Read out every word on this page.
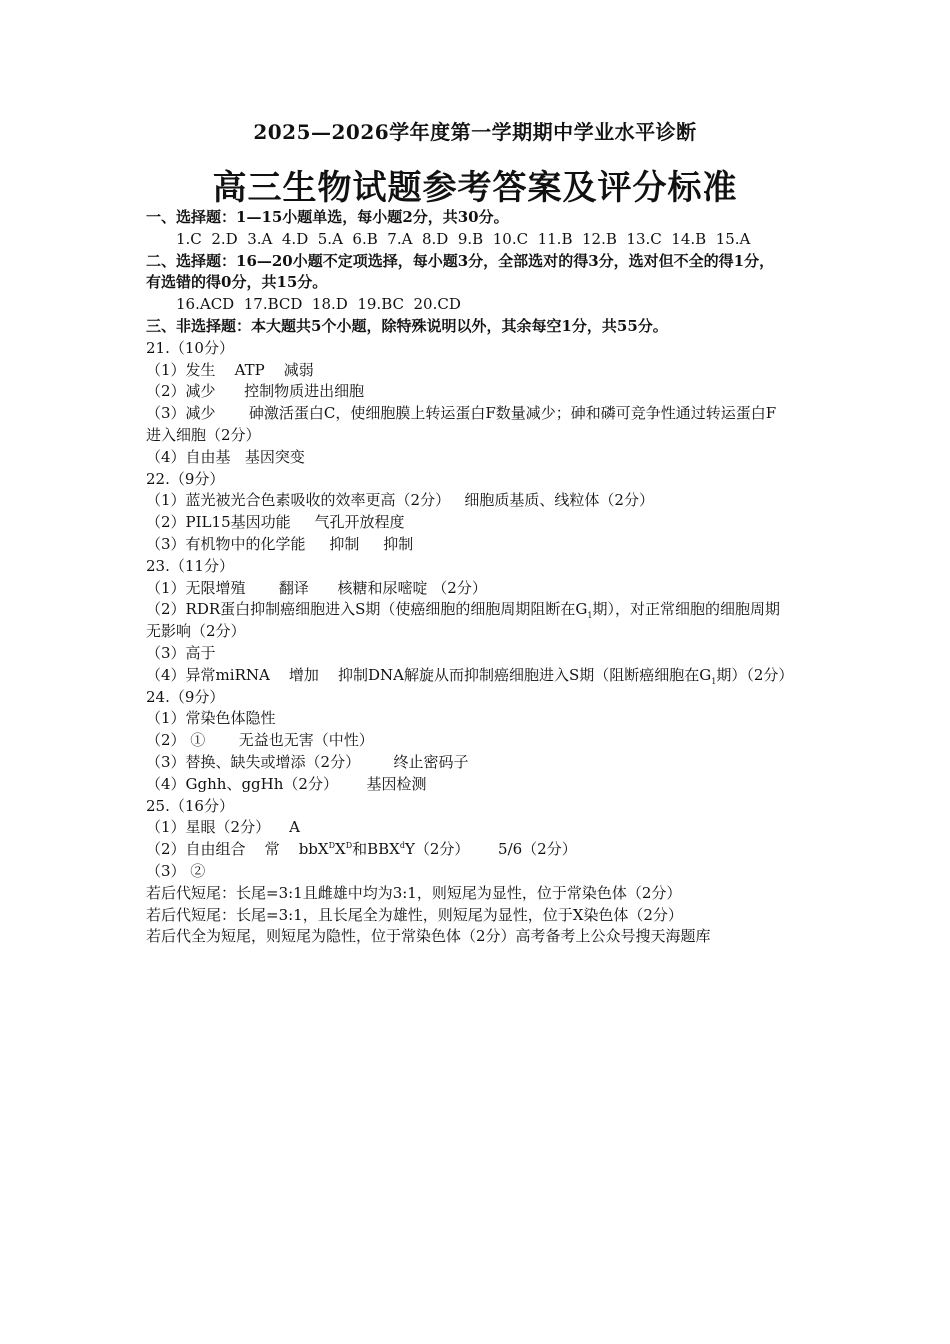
2025—2026学年度第一学期期中学业水平诊断
高三生物试题参考答案及评分标准
一、选择题：1—15小题单选，每小题2分，共30分。
1.C  2.D  3.A  4.D  5.A  6.B  7.A  8.D  9.B  10.C  11.B  12.B  13.C  14.B  15.A
二、选择题：16—20小题不定项选择，每小题3分，全部选对的得3分，选对但不全的得1分，
有选错的得0分，共15分。
16.ACD  17.BCD  18.D  19.BC  20.CD
三、非选择题：本大题共5个小题，除特殊说明以外，其余每空1分，共55分。
21.（10分）
（1）发生    ATP    减弱
（2）减少      控制物质进出细胞
（3）减少       砷激活蛋白C，使细胞膜上转运蛋白F数量减少；砷和磷可竞争性通过转运蛋白F
进入细胞（2分）
（4）自由基   基因突变
22.（9分）
（1）蓝光被光合色素吸收的效率更高（2分）   细胞质基质、线粒体（2分）
（2）PIL15基因功能     气孔开放程度
（3）有机物中的化学能     抑制     抑制
23.（11分）
（1）无限增殖       翻译      核糖和尿嘧啶 （2分）
（2）RDR蛋白抑制癌细胞进入S期（使癌细胞的细胞周期阻断在$G_1$期），对正常细胞的细胞周期
无影响（2分）
（3）高于
（4）异常miRNA    增加    抑制DNA解旋从而抑制癌细胞进入S期（阻断癌细胞在$G_1$期）（2分）
24.（9分）
（1）常染色体隐性
（2） ①       无益也无害（中性）
（3）替换、缺失或增添（2分）       终止密码子
（4）Gghh、ggHh（2分）      基因检测
25.（16分）
（1）星眼（2分）    A
（2）自由组合    常    $bbX^DX^D$和BBX$^d$Y（2分）      5/6（2分）
（3） ②
若后代短尾：长尾=3:1且雌雄中均为3:1，则短尾为显性，位于常染色体（2分）
若后代短尾：长尾=3:1，且长尾全为雄性，则短尾为显性，位于X染色体（2分）
若后代全为短尾，则短尾为隐性，位于常染色体（2分）高考备考上公众号搜天海题库
